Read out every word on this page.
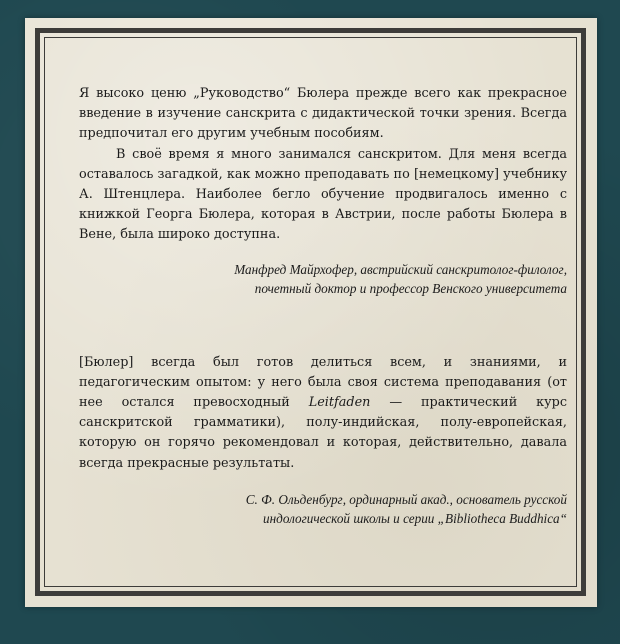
Я высоко ценю „Руководство“ Бюлера прежде всего как прекрасное введение в изучение санскрита с дидактической точки зрения. Всегда предпочитал его другим учебным пособиям.

В своё время я много занимался санскритом. Для меня всегда оставалось загадкой, как можно преподавать по [немецкому] учебнику А. Штенцлера. Наиболее бегло обучение продвигалось именно с книжкой Георга Бюлера, которая в Австрии, после работы Бюлера в Вене, была широко доступна.

Манфред Майрхофер, австрийский санскритолог-филолог,
почетный доктор и профессор Венского университета

[Бюлер] всегда был готов делиться всем, и знаниями, и педагогическим опытом: у него была своя система преподавания (от нее остался превосходный Leitfaden — практический курс санскритской грамматики), полу-индийская, полу-европейская, которую он горячо рекомендовал и которая, действительно, давала всегда прекрасные результаты.

С. Ф. Ольденбург, ординарный акад., основатель русской
индологической школы и серии „Bibliotheca Buddhica“
